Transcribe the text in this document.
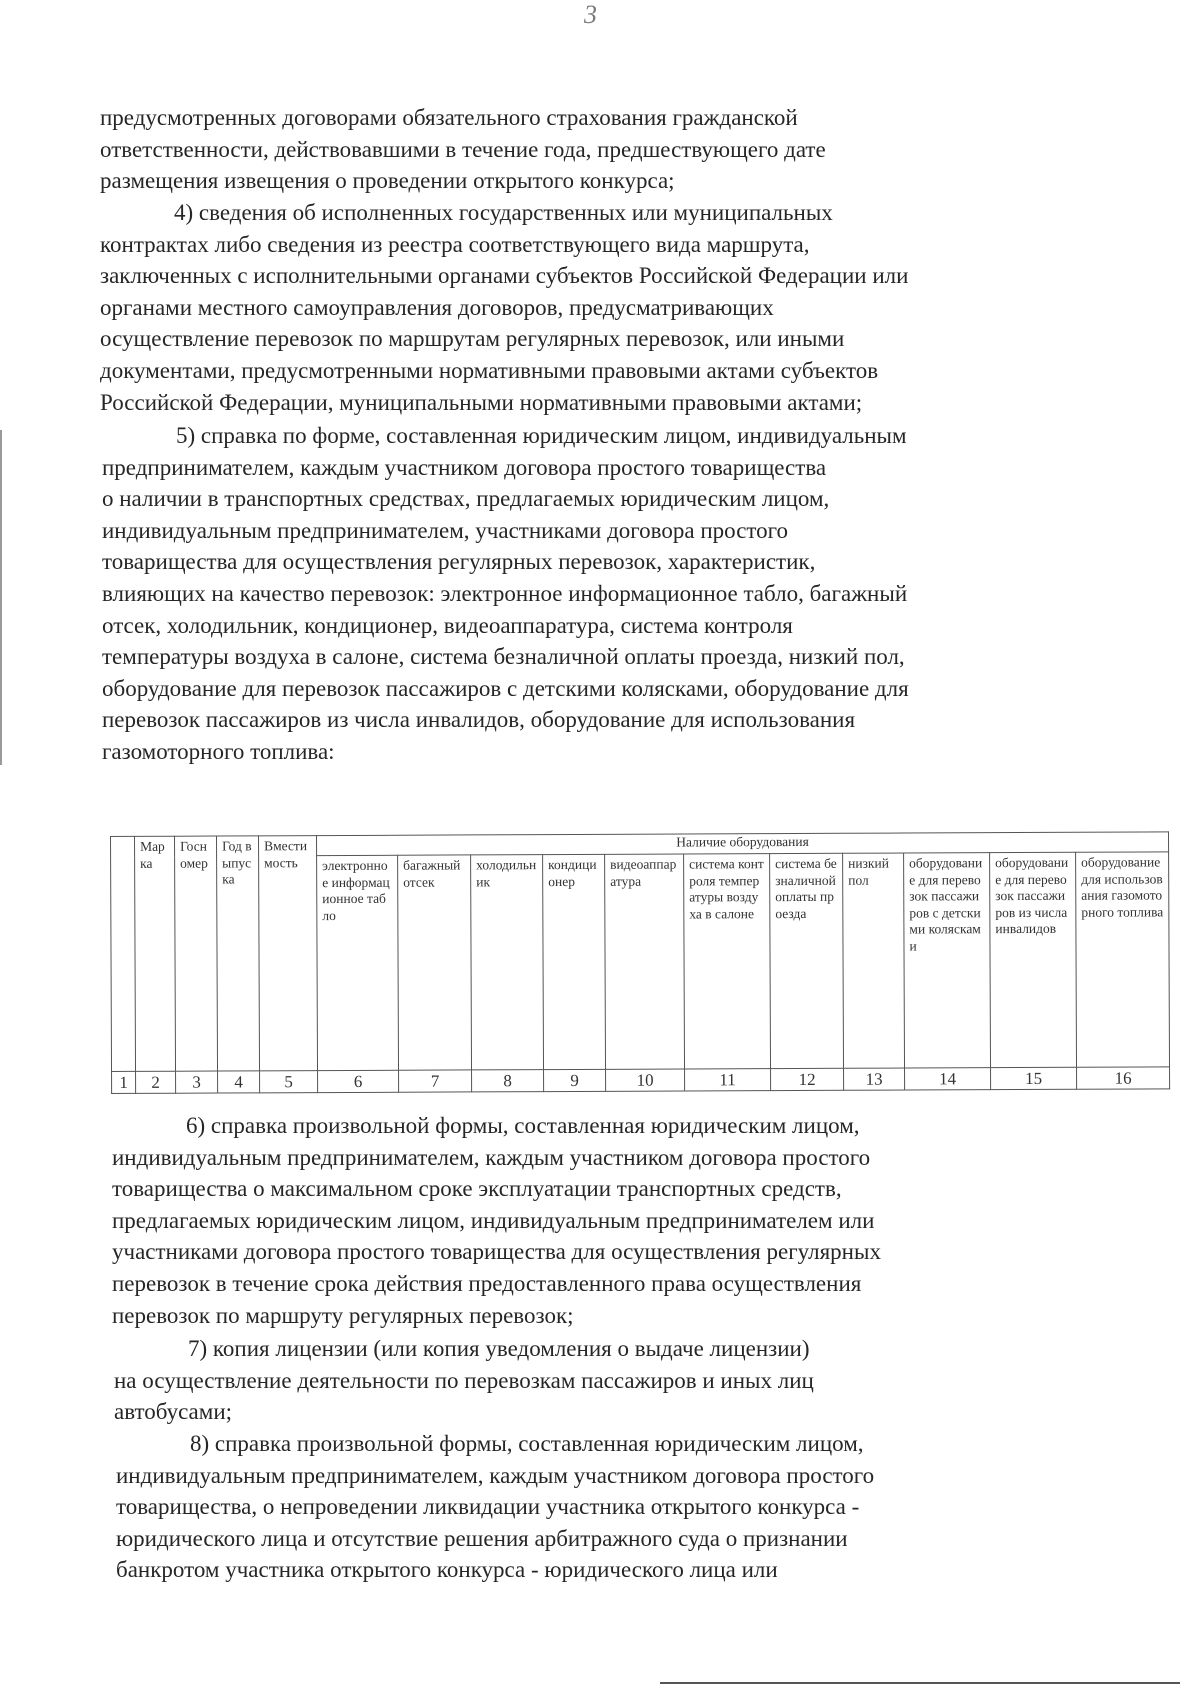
3
предусмотренных договорами обязательного страхования гражданской
ответственности, действовавшими в течение года, предшествующего дате
размещения извещения о проведении открытого конкурса;
4) сведения об исполненных государственных или муниципальных
контрактах либо сведения из реестра соответствующего вида маршрута,
заключенных с исполнительными органами субъектов Российской Федерации или
органами местного самоуправления договоров, предусматривающих
осуществление перевозок по маршрутам регулярных перевозок, или иными
документами, предусмотренными нормативными правовыми актами субъектов
Российской Федерации, муниципальными нормативными правовыми актами;
5) справка по форме, составленная юридическим лицом, индивидуальным
предпринимателем, каждым участником договора простого товарищества
о наличии в транспортных средствах, предлагаемых юридическим лицом,
индивидуальным предпринимателем, участниками договора простого
товарищества для осуществления регулярных перевозок, характеристик,
влияющих на качество перевозок: электронное информационное табло, багажный
отсек, холодильник, кондиционер, видеоаппаратура, система контроля
температуры воздуха в салоне, система безналичной оплаты проезда, низкий пол,
оборудование для перевозок пассажиров с детскими колясками, оборудование для
перевозок пассажиров из числа инвалидов, оборудование для использования
газомоторного топлива:
	Марка	Госномер	Год выпуска	Вместимость	Наличие оборудования										
					электронное информационное табло	багажный отсек	холодильник	кондиционер	видеоаппаратура	система контроля температуры воздуха в салоне	система безналичной оплаты проезда	низкий пол	оборудование для перевозок пассажиров с детскими колясками	оборудование для перевозок пассажиров из числа инвалидов	оборудование для использования газомоторного топлива
1	2	3	4	5	6	7	8	9	10	11	12	13	14	15	16
6) справка произвольной формы, составленная юридическим лицом,
индивидуальным предпринимателем, каждым участником договора простого
товарищества о максимальном сроке эксплуатации транспортных средств,
предлагаемых юридическим лицом, индивидуальным предпринимателем или
участниками договора простого товарищества для осуществления регулярных
перевозок в течение срока действия предоставленного права осуществления
перевозок по маршруту регулярных перевозок;
7) копия лицензии (или копия уведомления о выдаче лицензии)
на осуществление деятельности по перевозкам пассажиров и иных лиц
автобусами;
8) справка произвольной формы, составленная юридическим лицом,
индивидуальным предпринимателем, каждым участником договора простого
товарищества, о непроведении ликвидации участника открытого конкурса -
юридического лица и отсутствие решения арбитражного суда о признании
банкротом участника открытого конкурса - юридического лица или
